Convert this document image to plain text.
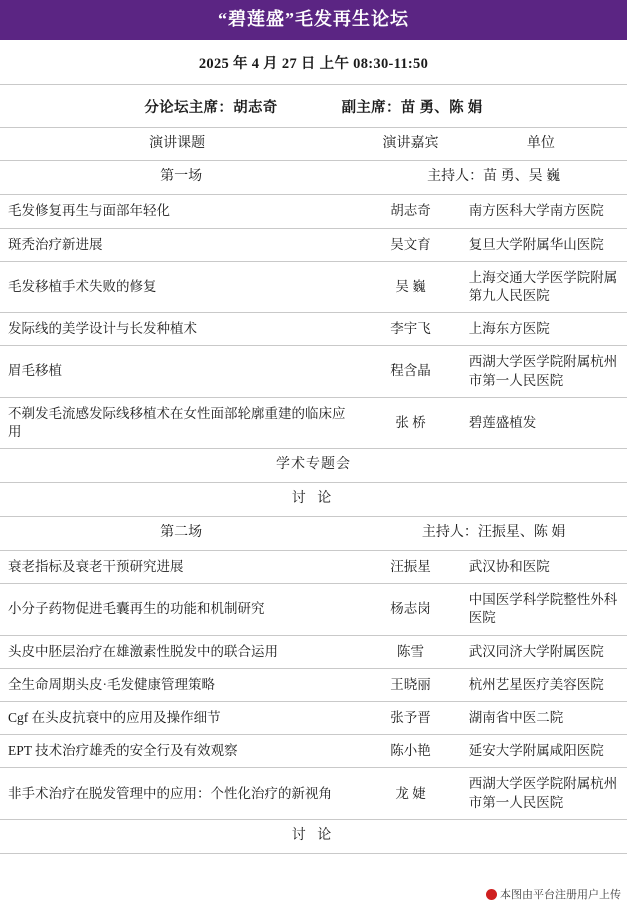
“碧莲盛”毛发再生论坛
2025 年 4 月 27 日 上午 08:30-11:50
分论坛主席：胡志奇	副主席：苗 勇、陈 娟
演讲课题	演讲嘉宾	单位
第一场	主持人：苗 勇、吴 巍	
毛发修复再生与面部年轻化	胡志奇	南方医科大学南方医院
斑秃治疗新进展	吴文育	复旦大学附属华山医院
毛发移植手术失败的修复	吴 巍	上海交通大学医学院附属第九人民医院
发际线的美学设计与长发种植术	李宇飞	上海东方医院
眉毛移植	程含晶	西湖大学医学院附属杭州市第一人民医院
不剃发毛流感发际线移植术在女性面部轮廓重建的临床应用	张 桥	碧莲盛植发
学术专题会		
讨 论		
第二场	主持人：汪振星、陈 娟	
衰老指标及衰老干预研究进展	汪振星	武汉协和医院
小分子药物促进毛囊再生的功能和机制研究	杨志岗	中国医学科学院整性外科医院
头皮中胚层治疗在雄激素性脱发中的联合运用	陈雪	武汉同济大学附属医院
全生命周期头皮·毛发健康管理策略	王晓丽	杭州艺星医疗美容医院
Cgf 在头皮抗衰中的应用及操作细节	张予晋	湖南省中医二院
EPT 技术治疗雄秃的安全行及有效观察	陈小艳	延安大学附属咸阳医院
非手术治疗在脱发管理中的应用：个性化治疗的新视角	龙 婕	西湖大学医学院附属杭州市第一人民医院
讨 论		
本图由平台注册用户上传
